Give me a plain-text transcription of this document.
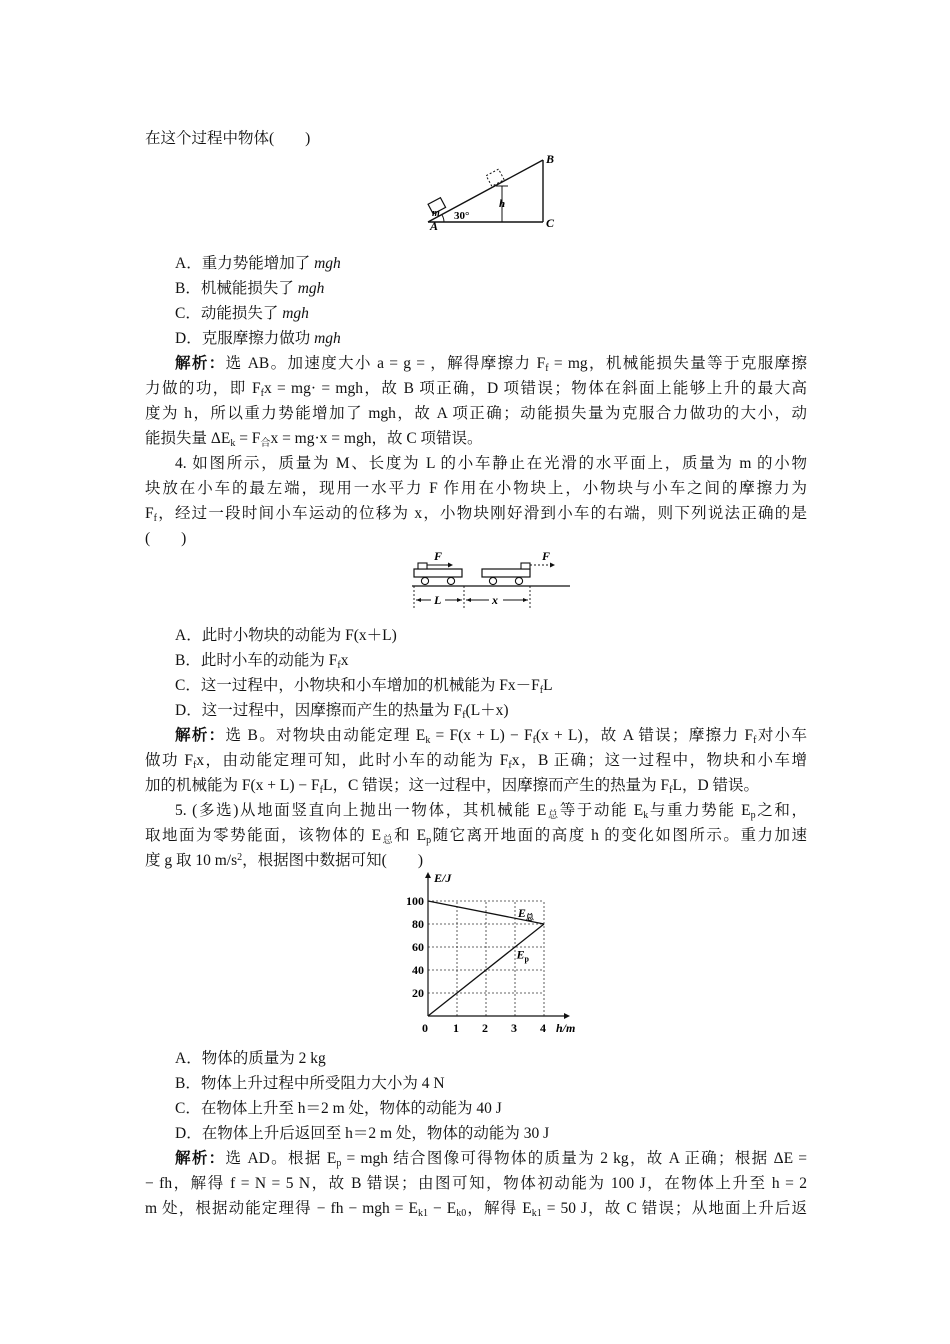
在这个过程中物体(　　)
A
B
C
m
h
30°
A．重力势能增加了 mgh
B．机械能损失了 mgh
C．动能损失了 mgh
D．克服摩擦力做功 mgh
解析：选 AB。加速度大小 a = g = ，解得摩擦力 $F_f$ = mg，机械能损失量等于克服摩擦
力做的功，即 $F_fx = mg\cdot$ = mgh，故 B 项正确，D 项错误；物体在斜面上能够上升的最大高
度为 h，所以重力势能增加了 mgh，故 A 项正确；动能损失量为克服合力做功的大小，动
能损失量 $\Delta E_k = F_合x = mg\cdot x$ = mgh，故 C 项错误。
4. 如图所示，质量为 M、长度为 L 的小车静止在光滑的水平面上，质量为 m 的小物
块放在小车的最左端，现用一水平力 F 作用在小物块上，小物块与小车之间的摩擦力为
$F_f$，经过一段时间小车运动的位移为 x，小物块刚好滑到小车的右端，则下列说法正确的是
(　　)
F	F
L	x
A．此时小物块的动能为 F(x＋L)
B．此时小车的动能为 $F_fx$
C．这一过程中，小物块和小车增加的机械能为 $Fx-F_fL$
D．这一过程中，因摩擦而产生的热量为 $F_f(L+x)$
解析：选 B。对物块由动能定理 $E_k = F(x + L) - F_f(x + L)$，故 A 错误；摩擦力 $F_f$对小车
做功 $F_fx$，由动能定理可知，此时小车的动能为 $F_fx$，B 正确；这一过程中，物块和小车增
加的机械能为 $F(x + L) - F_fL$，C 错误；这一过程中，因摩擦而产生的热量为 $F_fL$，D 错误。
5. (多选)从地面竖直向上抛出一物体，其机械能 $E_总$等于动能 $E_k$与重力势能 $E_p$之和，
取地面为零势能面，该物体的 $E_总$和 $E_p$随它离开地面的高度 h 的变化如图所示。重力加速
度 g 取 10 $m/s^2$，根据图中数据可知(　　)
0 1 2 3 4
20
40
60
80
100
E/J
h/m
$E_总$
$E_p$
A．物体的质量为 2 kg
B．物体上升过程中所受阻力大小为 4 N
C．在物体上升至 h＝2 m 处，物体的动能为 40 J
D．在物体上升后返回至 h＝2 m 处，物体的动能为 30 J
解析：选 AD。根据 $E_p$ = mgh 结合图像可得物体的质量为 2 kg，故 A 正确；根据 ΔE =
− fh，解得 f = N = 5 N，故 B 错误；由图可知，物体初动能为 100 J，在物体上升至 h = 2
m 处，根据动能定理得 − fh − mgh = $E_{k1} - E_{k0}$，解得 $E_{k1} = 50$ J，故 C 错误；从地面上升后返
